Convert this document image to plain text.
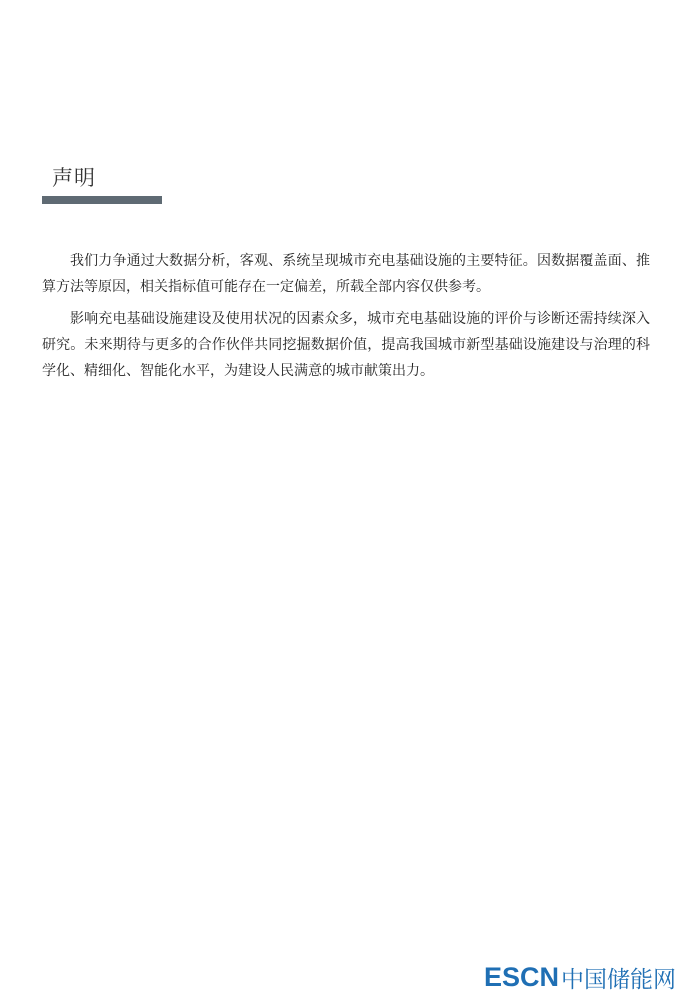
声明

我们力争通过大数据分析，客观、系统呈现城市充电基础设施的主要特征。因数据覆盖面、推算方法等原因，相关指标值可能存在一定偏差，所载全部内容仅供参考。

影响充电基础设施建设及使用状况的因素众多，城市充电基础设施的评价与诊断还需持续深入研究。未来期待与更多的合作伙伴共同挖掘数据价值，提高我国城市新型基础设施建设与治理的科学化、精细化、智能化水平，为建设人民满意的城市献策出力。

ESCN 中国储能网
